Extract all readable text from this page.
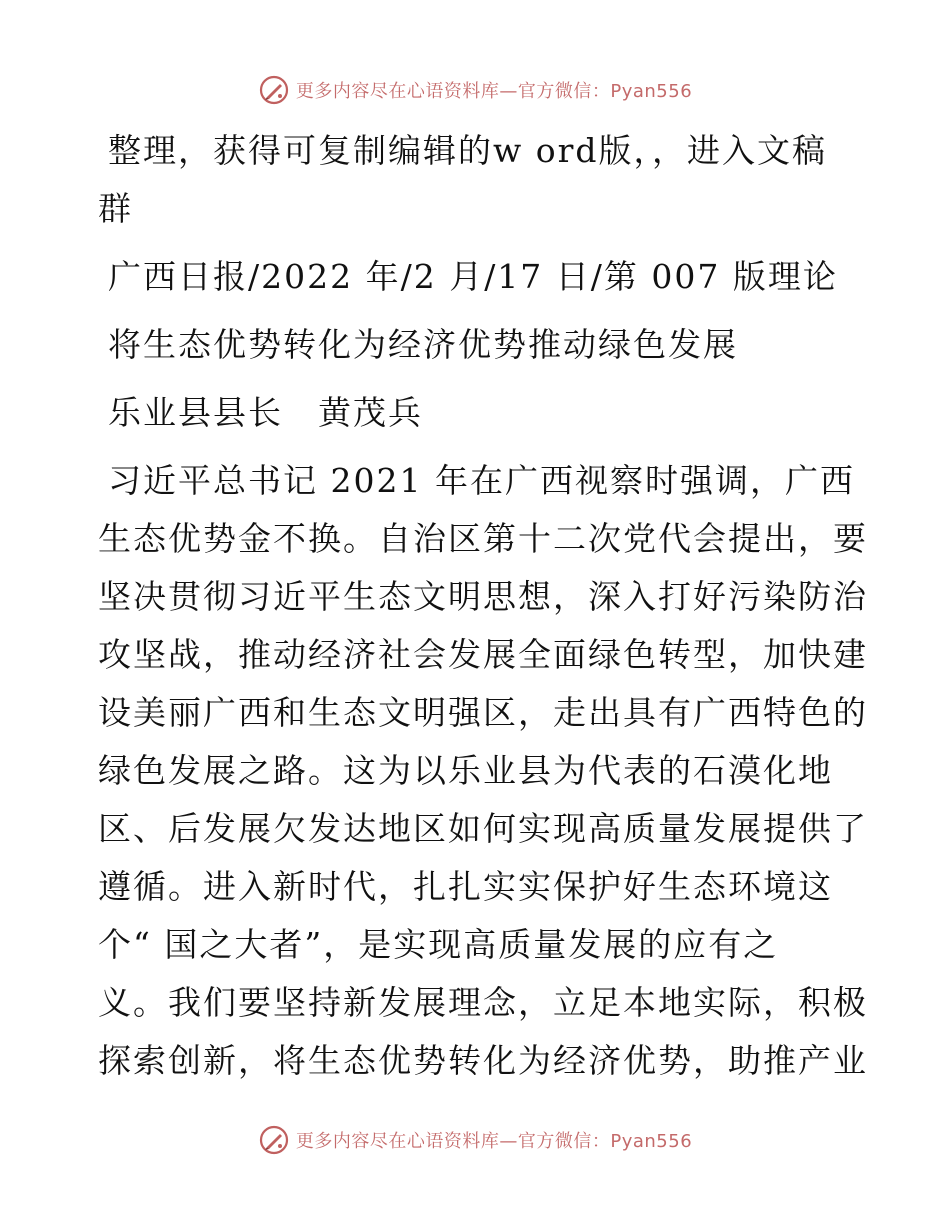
更多内容尽在心语资料库—官方微信：Pyan556

整理，获得可复制编辑的w ord版，，进入文稿

群

广西日报/2022 年/2 月/17 日/第 007 版理论

将生态优势转化为经济优势推动绿色发展

乐业县县长　黄茂兵

习近平总书记 2021 年在广西视察时强调，广西

生态优势金不换。自治区第十二次党代会提出，要

坚决贯彻习近平生态文明思想，深入打好污染防治

攻坚战，推动经济社会发展全面绿色转型，加快建

设美丽广西和生态文明强区，走出具有广西特色的

绿色发展之路。这为以乐业县为代表的石漠化地

区、后发展欠发达地区如何实现高质量发展提供了

遵循。进入新时代，扎扎实实保护好生态环境这

个“ 国之大者”，是实现高质量发展的应有之

义。我们要坚持新发展理念，立足本地实际，积极

探索创新，将生态优势转化为经济优势，助推产业

更多内容尽在心语资料库—官方微信：Pyan556
